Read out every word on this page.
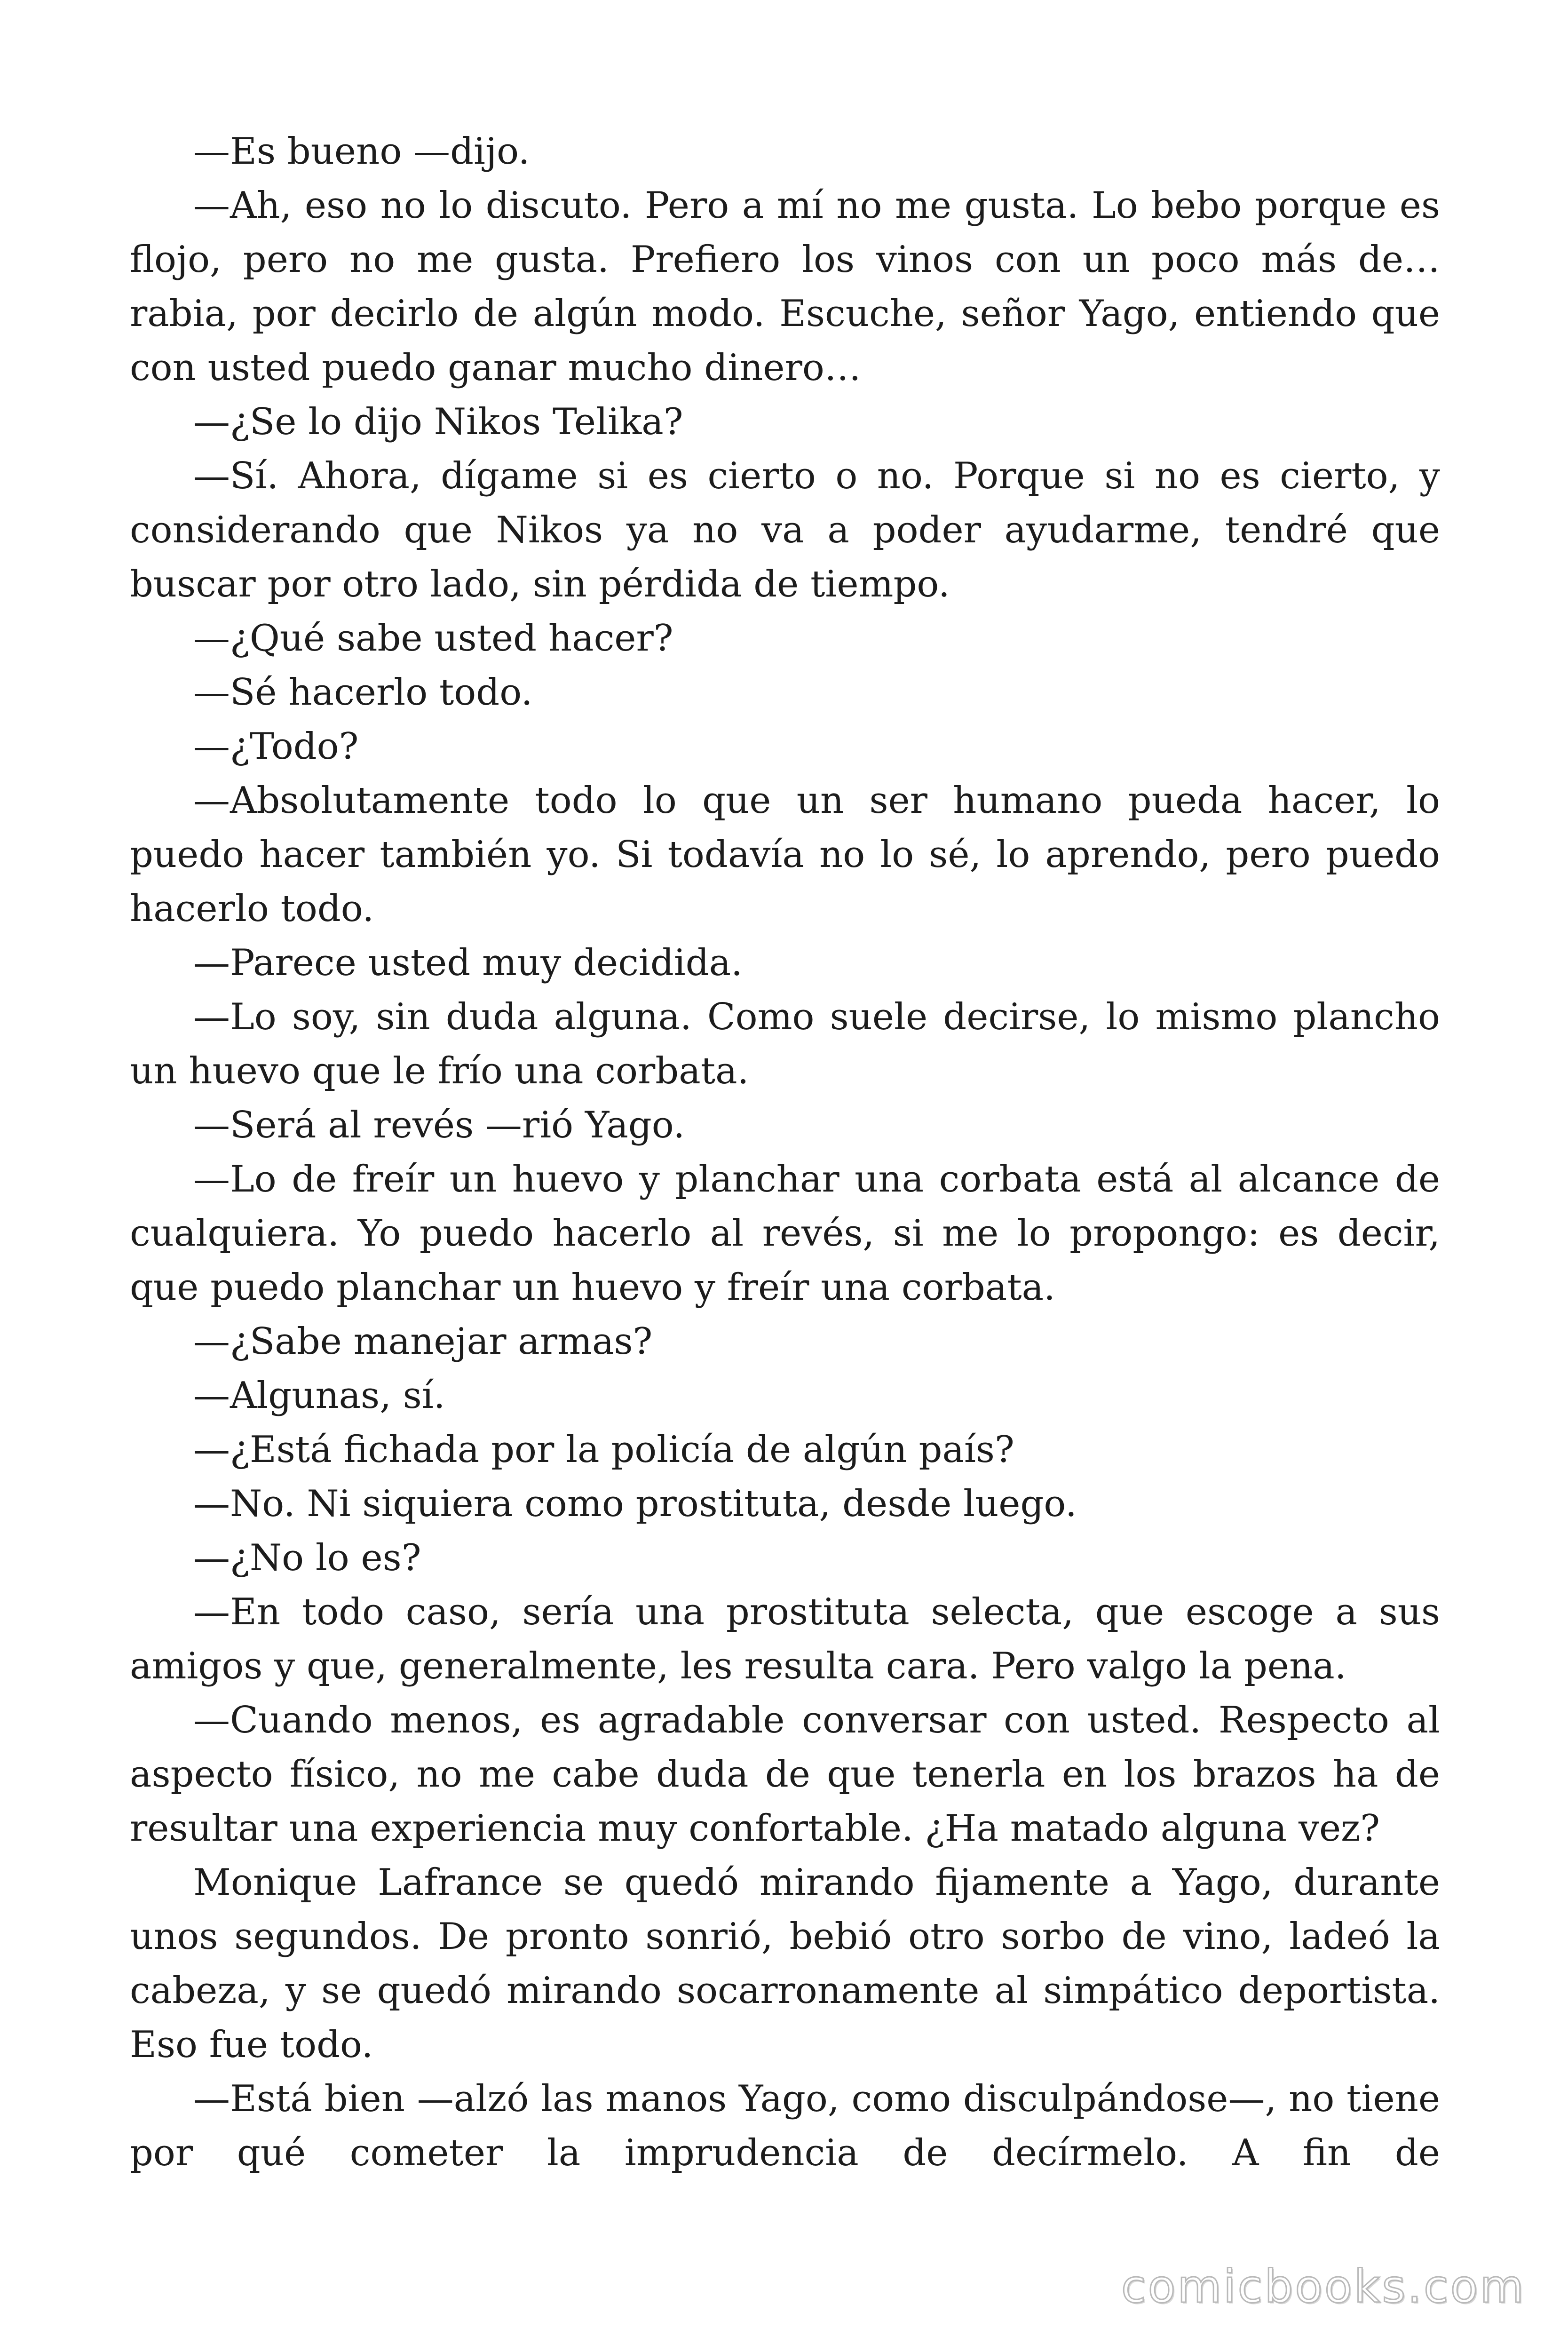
—Es bueno —dijo.

—Ah, eso no lo discuto. Pero a mí no me gusta. Lo bebo porque es flojo, pero no me gusta. Prefiero los vinos con un poco más de… rabia, por decirlo de algún modo. Escuche, señor Yago, entiendo que con usted puedo ganar mucho dinero…

—¿Se lo dijo Nikos Telika?

—Sí. Ahora, dígame si es cierto o no. Porque si no es cierto, y considerando que Nikos ya no va a poder ayudarme, tendré que buscar por otro lado, sin pérdida de tiempo.

—¿Qué sabe usted hacer?

—Sé hacerlo todo.

—¿Todo?

—Absolutamente todo lo que un ser humano pueda hacer, lo puedo hacer también yo. Si todavía no lo sé, lo aprendo, pero puedo hacerlo todo.

—Parece usted muy decidida.

—Lo soy, sin duda alguna. Como suele decirse, lo mismo plancho un huevo que le frío una corbata.

—Será al revés —rió Yago.

—Lo de freír un huevo y planchar una corbata está al alcance de cualquiera. Yo puedo hacerlo al revés, si me lo propongo: es decir, que puedo planchar un huevo y freír una corbata.

—¿Sabe manejar armas?

—Algunas, sí.

—¿Está fichada por la policía de algún país?

—No. Ni siquiera como prostituta, desde luego.

—¿No lo es?

—En todo caso, sería una prostituta selecta, que escoge a sus amigos y que, generalmente, les resulta cara. Pero valgo la pena.

—Cuando menos, es agradable conversar con usted. Respecto al aspecto físico, no me cabe duda de que tenerla en los brazos ha de resultar una experiencia muy confortable. ¿Ha matado alguna vez?

Monique Lafrance se quedó mirando fijamente a Yago, durante unos segundos. De pronto sonrió, bebió otro sorbo de vino, ladeó la cabeza, y se quedó mirando socarronamente al simpático deportista. Eso fue todo.

—Está bien —alzó las manos Yago, como disculpándose—, no tiene por qué cometer la imprudencia de decírmelo. A fin de

comicbooks.com
